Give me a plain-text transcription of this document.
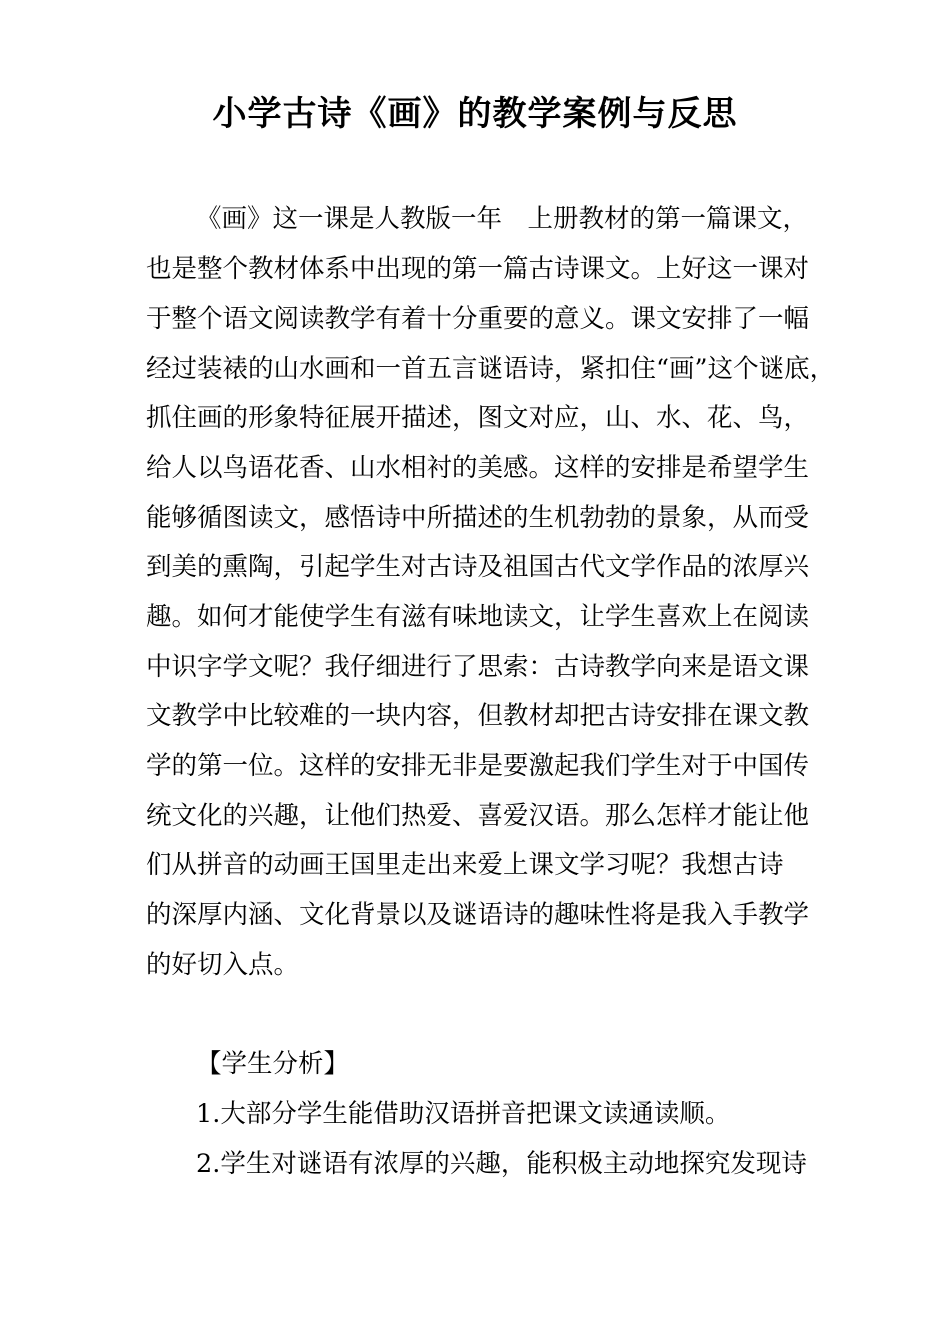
小学古诗《画》的教学案例与反思

《画》这一课是人教版一年　上册教材的第一篇课文，

也是整个教材体系中出现的第一篇古诗课文。上好这一课对

于整个语文阅读教学有着十分重要的意义。课文安排了一幅

经过装裱的山水画和一首五言谜语诗，紧扣住“画”这个谜底，

抓住画的形象特征展开描述，图文对应，山、水、花、鸟，

给人以鸟语花香、山水相衬的美感。这样的安排是希望学生

能够循图读文，感悟诗中所描述的生机勃勃的景象，从而受

到美的熏陶，引起学生对古诗及祖国古代文学作品的浓厚兴

趣。如何才能使学生有滋有味地读文，让学生喜欢上在阅读

中识字学文呢？我仔细进行了思索：古诗教学向来是语文课

文教学中比较难的一块内容，但教材却把古诗安排在课文教

学的第一位。这样的安排无非是要激起我们学生对于中国传

统文化的兴趣，让他们热爱、喜爱汉语。那么怎样才能让他

们从拼音的动画王国里走出来爱上课文学习呢？我想古诗

的深厚内涵、文化背景以及谜语诗的趣味性将是我入手教学

的好切入点。

【学生分析】

1.大部分学生能借助汉语拼音把课文读通读顺。

2.学生对谜语有浓厚的兴趣，能积极主动地探究发现诗
